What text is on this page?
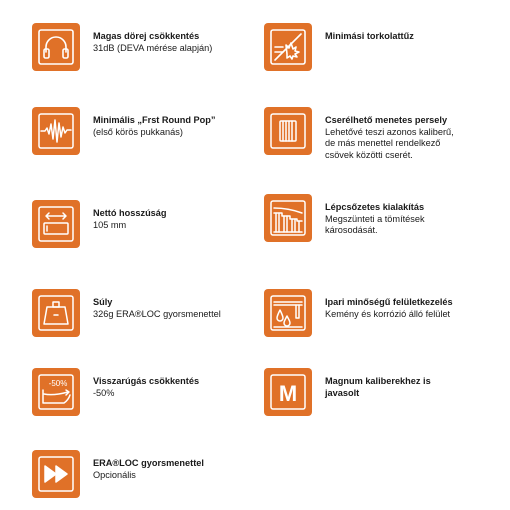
Magas dörej csökkentés
31dB (DEVA mérése alapján)
Minimási torkolattűz
Minimális „Frst Round Pop”
(első körös pukkanás)
Cserélhető menetes persely
Lehetővé teszi azonos kaliberű,
de más menettel rendelkező
csövek közötti cserét.
Nettó hosszúság
105 mm
Lépcsőzetes kialakítás
Megszünteti a tömítések
károsodását.
Súly
326g ERA®LOC gyorsmenettel
Ipari minőségű felületkezelés
Kemény és korrózió álló felület
-50%	Visszarúgás csökkentés
-50%	M	Magnum kaliberekhez is
javasolt
ERA®LOC gyorsmenettel
Opcionális
